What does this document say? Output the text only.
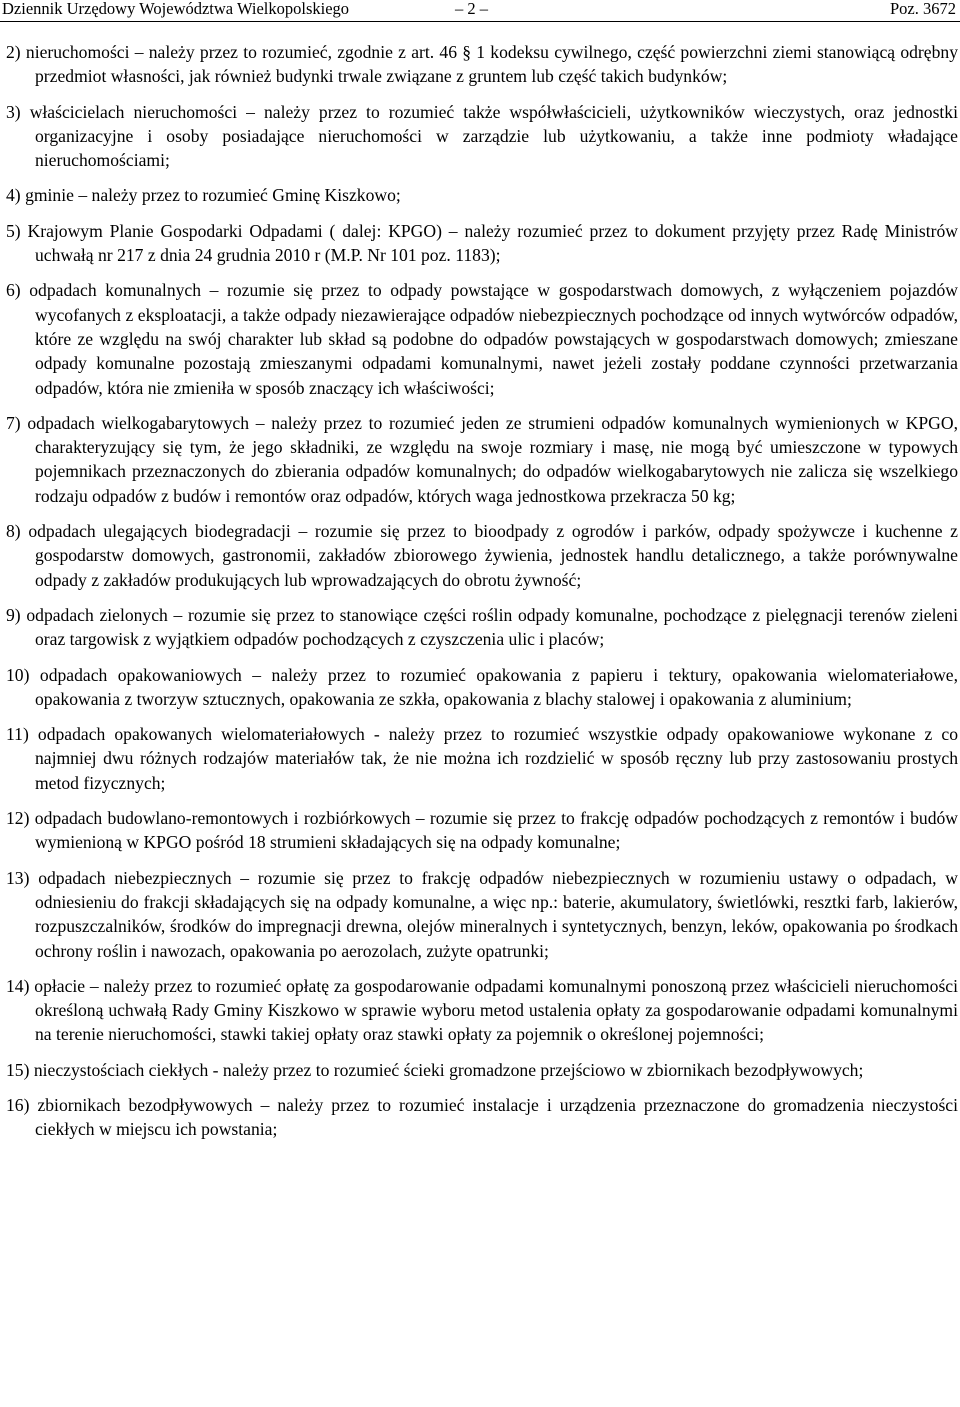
Dziennik Urzędowy Województwa Wielkopolskiego	– 2 –	Poz. 3672

2) nieruchomości – należy przez to rozumieć, zgodnie z art. 46 § 1 kodeksu cywilnego, część powierzchni ziemi stanowiącą odrębny przedmiot własności, jak również budynki trwale związane z gruntem lub część takich budynków;

3) właścicielach nieruchomości – należy przez to rozumieć także współwłaścicieli, użytkowników wieczystych, oraz jednostki organizacyjne i osoby posiadające nieruchomości w zarządzie lub użytkowaniu, a także inne podmioty władające nieruchomościami;

4) gminie – należy przez to rozumieć Gminę Kiszkowo;

5) Krajowym Planie Gospodarki Odpadami ( dalej: KPGO) – należy rozumieć przez to dokument przyjęty przez Radę Ministrów uchwałą nr 217 z dnia 24 grudnia 2010 r (M.P. Nr 101 poz. 1183);

6) odpadach komunalnych – rozumie się przez to odpady powstające w gospodarstwach domowych, z wyłączeniem pojazdów wycofanych z eksploatacji, a także odpady niezawierające odpadów niebezpiecznych pochodzące od innych wytwórców odpadów, które ze względu na swój charakter lub skład są podobne do odpadów powstających w gospodarstwach domowych; zmieszane odpady komunalne pozostają zmieszanymi odpadami komunalnymi, nawet jeżeli zostały poddane czynności przetwarzania odpadów, która nie zmieniła w sposób znaczący ich właściwości;

7) odpadach wielkogabarytowych – należy przez to rozumieć jeden ze strumieni odpadów komunalnych wymienionych w KPGO, charakteryzujący się tym, że jego składniki, ze względu na swoje rozmiary i masę, nie mogą być umieszczone w typowych pojemnikach przeznaczonych do zbierania odpadów komunalnych; do odpadów wielkogabarytowych nie zalicza się wszelkiego rodzaju odpadów z budów i remontów oraz odpadów, których waga jednostkowa przekracza 50 kg;

8) odpadach ulegających biodegradacji – rozumie się przez to bioodpady z ogrodów i parków, odpady spożywcze i kuchenne z gospodarstw domowych, gastronomii, zakładów zbiorowego żywienia, jednostek handlu detalicznego, a także porównywalne odpady z zakładów produkujących lub wprowadzających do obrotu żywność;

9) odpadach zielonych – rozumie się przez to stanowiące części roślin odpady komunalne, pochodzące z pielęgnacji terenów zieleni oraz targowisk z wyjątkiem odpadów pochodzących z czyszczenia ulic i placów;

10) odpadach opakowaniowych – należy przez to rozumieć opakowania z papieru i tektury, opakowania wielomateriałowe, opakowania z tworzyw sztucznych, opakowania ze szkła, opakowania z blachy stalowej i opakowania z aluminium;

11) odpadach opakowanych wielomateriałowych - należy przez to rozumieć wszystkie odpady opakowaniowe wykonane z co najmniej dwu różnych rodzajów materiałów tak, że nie można ich rozdzielić w sposób ręczny lub przy zastosowaniu prostych metod fizycznych;

12) odpadach budowlano-remontowych i rozbiórkowych – rozumie się przez to frakcję odpadów pochodzących z remontów i budów wymienioną w KPGO pośród 18 strumieni składających się na odpady komunalne;

13) odpadach niebezpiecznych – rozumie się przez to frakcję odpadów niebezpiecznych w rozumieniu ustawy o odpadach, w odniesieniu do frakcji składających się na odpady komunalne, a więc np.: baterie, akumulatory, świetlówki, resztki farb, lakierów, rozpuszczalników, środków do impregnacji drewna, olejów mineralnych i syntetycznych, benzyn, leków, opakowania po środkach ochrony roślin i nawozach, opakowania po aerozolach, zużyte opatrunki;

14) opłacie – należy przez to rozumieć opłatę za gospodarowanie odpadami komunalnymi ponoszoną przez właścicieli nieruchomości określoną uchwałą Rady Gminy Kiszkowo w sprawie wyboru metod ustalenia opłaty za gospodarowanie odpadami komunalnymi na terenie nieruchomości, stawki takiej opłaty oraz stawki opłaty za pojemnik o określonej pojemności;

15) nieczystościach ciekłych - należy przez to rozumieć ścieki gromadzone przejściowo w zbiornikach bezodpływowych;

16) zbiornikach bezodpływowych – należy przez to rozumieć instalacje i urządzenia przeznaczone do gromadzenia nieczystości ciekłych w miejscu ich powstania;
